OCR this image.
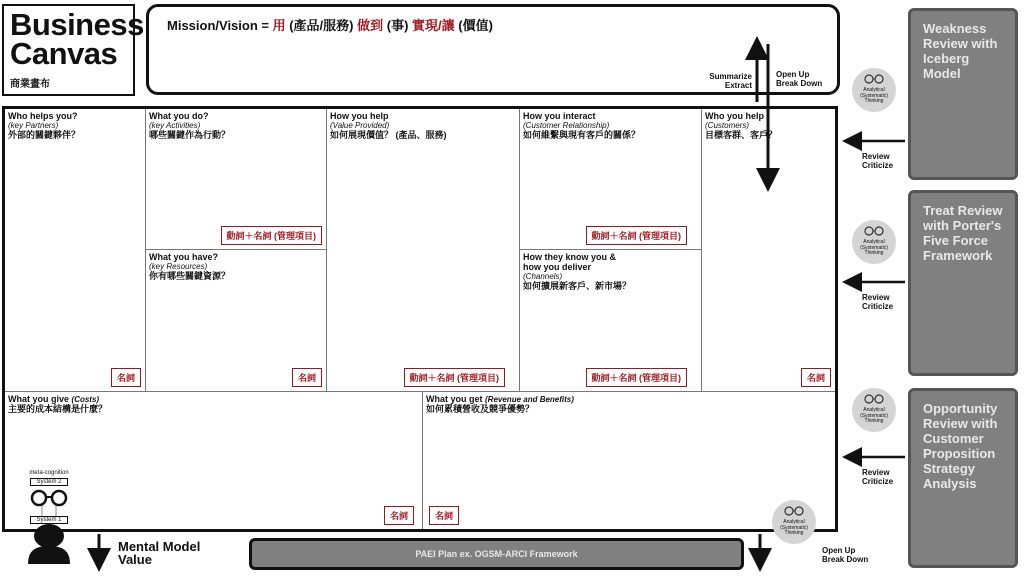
Business
Canvas
商業畫布
Mission/Vision = 用 (產品/服務) 做到 (事) 實現/讓 (價值)
Summarize
Extract
Open Up
Break Down
Who helps you?
(key Partners)
外部的關鍵夥伴？
名詞
What you do?
(key Activities)
哪些關鍵作為行動？
動詞＋名詞 (管理項目)
What you have?
(key Resources)
你有哪些關鍵資源？
名詞
How you help
(Value Provided)
如何展現價值？ (產品、服務)
動詞＋名詞 (管理項目)
How you interact
(Customer Relationship)
如何維繫與現有客戶的關係？
動詞＋名詞 (管理項目)
How they know you &
how you deliver
(Channels)
如何擴展新客戶、新市場？
動詞＋名詞 (管理項目)
Who you help
(Customers)
目標客群、客戶？
名詞
What you give (Costs)
主要的成本結構是什麼？
名詞
What you get (Revenue and Benefits)
如何累積營收及競爭優勢？
名詞
meta-cognition
System 2
System 1
Mental Model
Value	PAEI Plan ex. OGSM-ARCI Framework	Open Up
Break Down
Analytical
(Systematic)
Thinking
Analytical
(Systematic)
Thinking
Analytical
(Systematic)
Thinking
Analytical
(Systematic)
Thinking
Review
Criticize
Review
Criticize
Review
Criticize
Weakness Review with Iceberg Model
Treat Review with Porter's Five Force Framework
Opportunity Review with Customer Proposition Strategy Analysis
